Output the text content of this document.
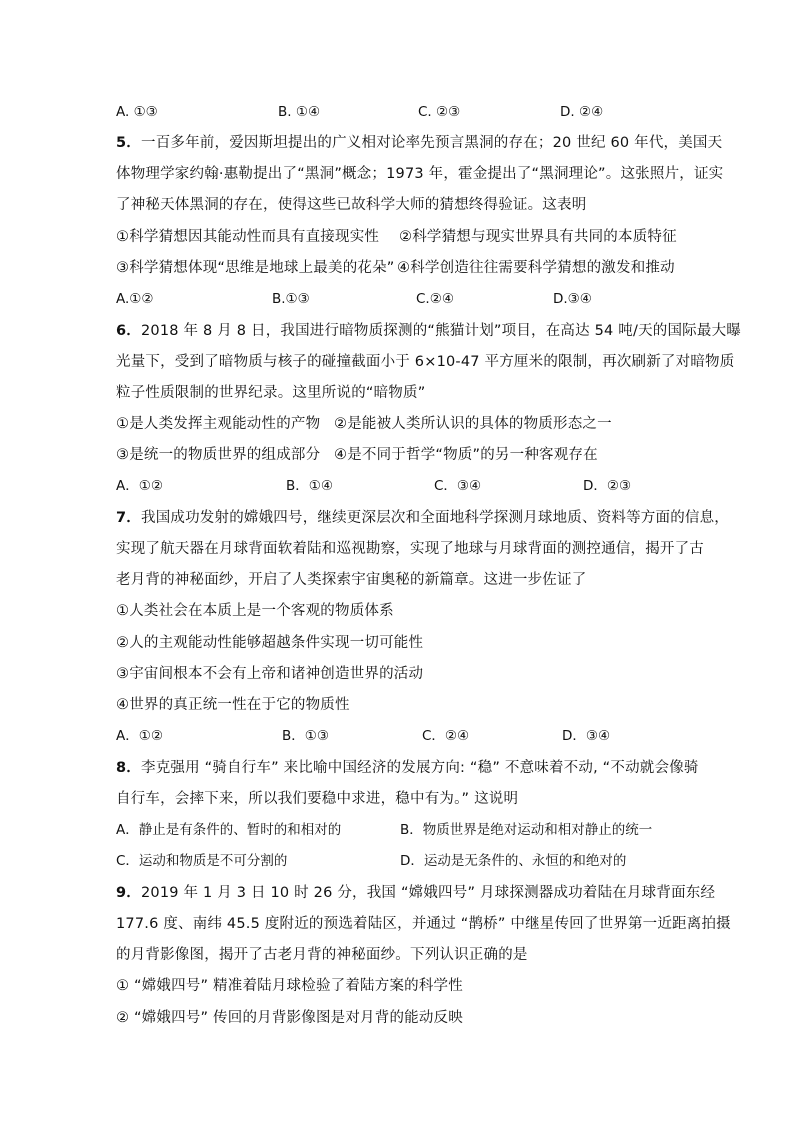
A. ①③	B. ①④	C. ②③	D. ②④
5．一百多年前，爱因斯坦提出的广义相对论率先预言黑洞的存在；20 世纪 60 年代，美国天
体物理学家约翰·惠勒提出了“黑洞”概念；1973 年，霍金提出了“黑洞理论”。这张照片，证实
了神秘天体黑洞的存在，使得这些已故科学大师的猜想终得验证。这表明
①科学猜想因其能动性而具有直接现实性 ②科学猜想与现实世界具有共同的本质特征
③科学猜想体现“思维是地球上最美的花朵” ④科学创造往往需要科学猜想的激发和推动
A.①②	B.①③	C.②④	D.③④
6．2018 年 8 月 8 日，我国进行暗物质探测的“熊猫计划”项目，在高达 54 吨/天的国际最大曝
光量下，受到了暗物质与核子的碰撞截面小于 6×10-47 平方厘米的限制，再次刷新了对暗物质
粒子性质限制的世界纪录。这里所说的“暗物质”
①是人类发挥主观能动性的产物 ②是能被人类所认识的具体的物质形态之一
③是统一的物质世界的组成部分 ④是不同于哲学“物质”的另一种客观存在
A．①②	B．①④	C．③④	D．②③
7．我国成功发射的嫦娥四号，继续更深层次和全面地科学探测月球地质、资料等方面的信息，
实现了航天器在月球背面软着陆和巡视勘察，实现了地球与月球背面的测控通信，揭开了古
老月背的神秘面纱，开启了人类探索宇宙奥秘的新篇章。这进一步佐证了
①人类社会在本质上是一个客观的物质体系
②人的主观能动性能够超越条件实现一切可能性
③宇宙间根本不会有上帝和诸神创造世界的活动
④世界的真正统一性在于它的物质性
A．①②	B．①③	C．②④	D．③④
8．李克强用 “骑自行车” 来比喻中国经济的发展方向: “稳” 不意味着不动, “不动就会像骑
自行车，会摔下来，所以我们要稳中求进，稳中有为。” 这说明
A．静止是有条件的、暂时的和相对的	B．物质世界是绝对运动和相对静止的统一
C．运动和物质是不可分割的	D．运动是无条件的、永恒的和绝对的
9．2019 年 1 月 3 日 10 时 26 分，我国 “嫦娥四号” 月球探测器成功着陆在月球背面东经
177.6 度、南纬 45.5 度附近的预选着陆区，并通过 “鹊桥” 中继星传回了世界第一近距离拍摄
的月背影像图，揭开了古老月背的神秘面纱。下列认识正确的是
① “嫦娥四号” 精准着陆月球检验了着陆方案的科学性
② “嫦娥四号” 传回的月背影像图是对月背的能动反映
